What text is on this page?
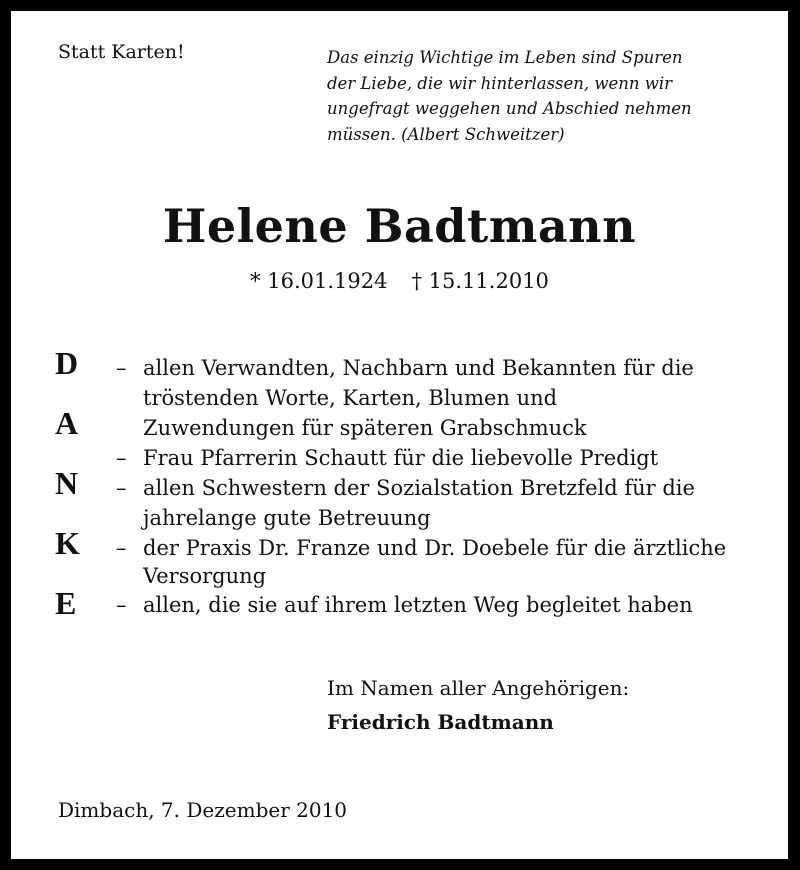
Statt Karten!	Das einzig Wichtige im Leben sind Spuren
der Liebe, die wir hinterlassen, wenn wir
ungefragt weggehen und Abschied nehmen
müssen. (Albert Schweitzer)
Helene Badtmann
* 16.01.1924 † 15.11.2010
D
A
N
K
E
– allen Verwandten, Nachbarn und Bekannten für die
tröstenden Worte, Karten, Blumen und
Zuwendungen für späteren Grabschmuck
– Frau Pfarrerin Schautt für die liebevolle Predigt
– allen Schwestern der Sozialstation Bretzfeld für die
jahrelange gute Betreuung
– der Praxis Dr. Franze und Dr. Doebele für die ärztliche
Versorgung
– allen, die sie auf ihrem letzten Weg begleitet haben
Im Namen aller Angehörigen:
Friedrich Badtmann
Dimbach, 7. Dezember 2010
